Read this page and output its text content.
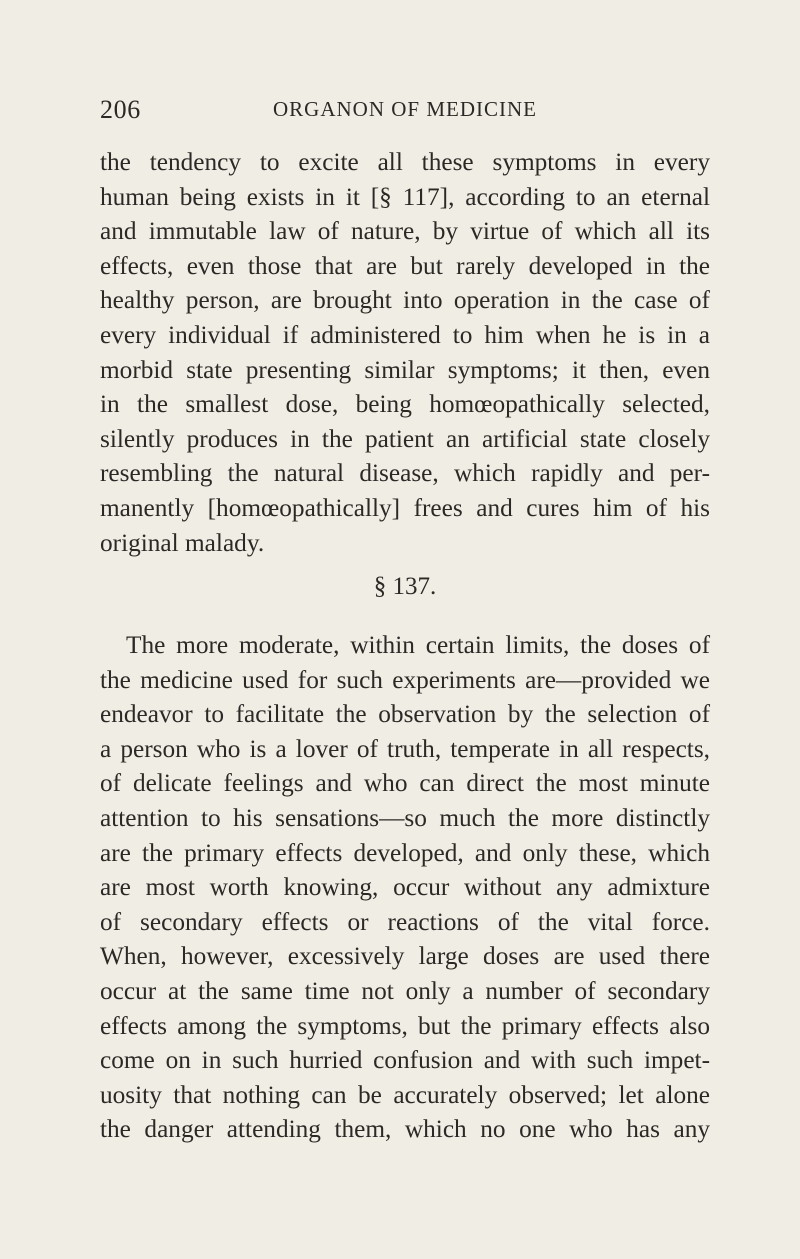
206	ORGANON OF MEDICINE
the tendency to excite all these symptoms in every
human being exists in it [§ 117], according to an eternal
and immutable law of nature, by virtue of which all its
effects, even those that are but rarely developed in the
healthy person, are brought into operation in the case of
every individual if administered to him when he is in a
morbid state presenting similar symptoms; it then, even
in the smallest dose, being homœopathically selected,
silently produces in the patient an artificial state closely
resembling the natural disease, which rapidly and per-
manently [homœopathically] frees and cures him of his
original malady.
§ 137.
The more moderate, within certain limits, the doses of
the medicine used for such experiments are—provided we
endeavor to facilitate the observation by the selection of
a person who is a lover of truth, temperate in all respects,
of delicate feelings and who can direct the most minute
attention to his sensations—so much the more distinctly
are the primary effects developed, and only these, which
are most worth knowing, occur without any admixture
of secondary effects or reactions of the vital force.
When, however, excessively large doses are used there
occur at the same time not only a number of secondary
effects among the symptoms, but the primary effects also
come on in such hurried confusion and with such impet-
uosity that nothing can be accurately observed; let alone
the danger attending them, which no one who has any
